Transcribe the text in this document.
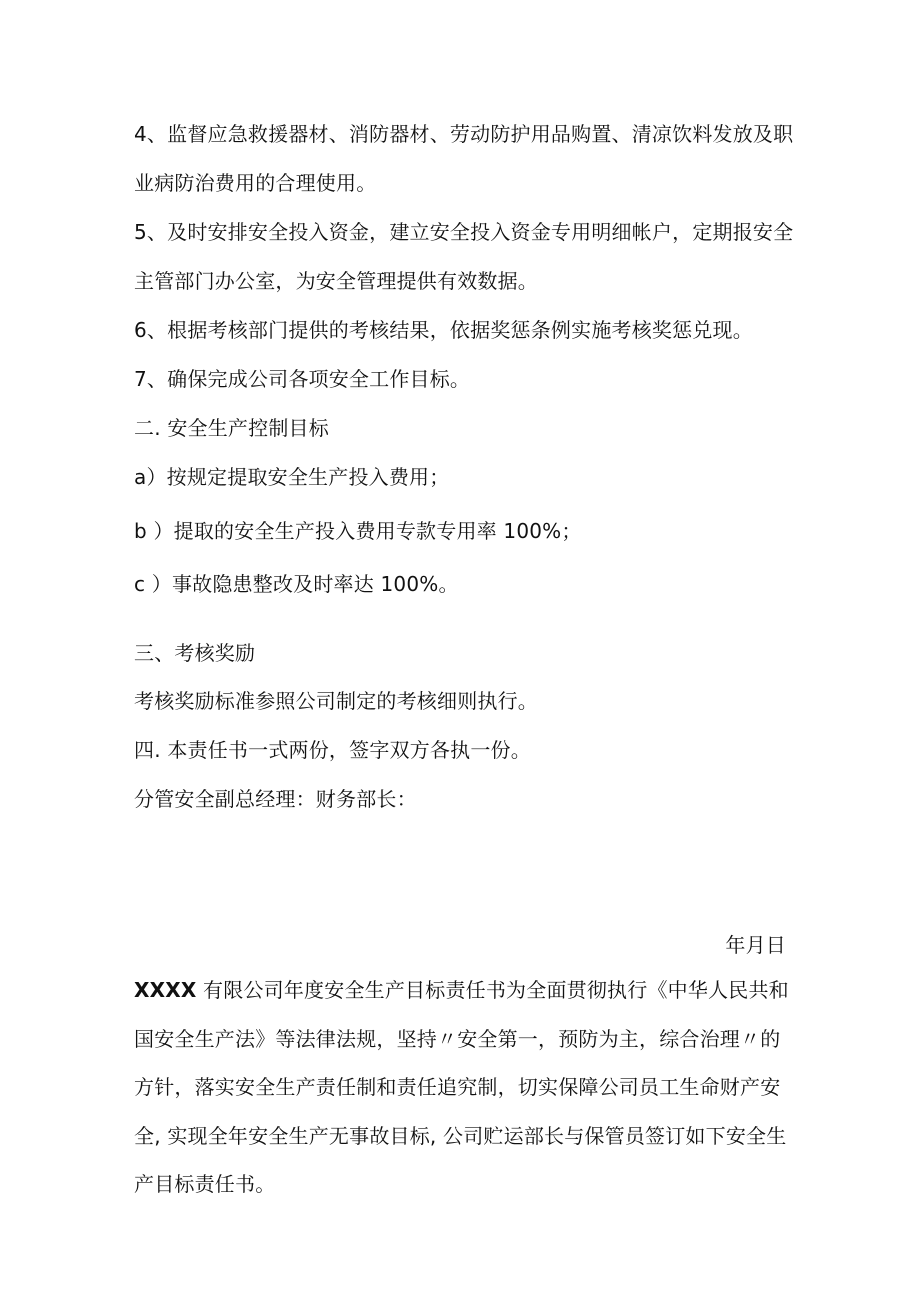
4、监督应急救援器材、消防器材、劳动防护用品购置、清凉饮料发放及职
业病防治费用的合理使用。
5、及时安排安全投入资金，建立安全投入资金专用明细帐户，定期报安全
主管部门办公室，为安全管理提供有效数据。
6、根据考核部门提供的考核结果，依据奖惩条例实施考核奖惩兑现。
7、确保完成公司各项安全工作目标。
二. 安全生产控制目标
a）按规定提取安全生产投入费用；
b ）提取的安全生产投入费用专款专用率 100%；
c ）事故隐患整改及时率达 100%。
三、考核奖励
考核奖励标准参照公司制定的考核细则执行。
四. 本责任书一式两份，签字双方各执一份。
分管安全副总经理：财务部长：
年月日
XXXX 有限公司年度安全生产目标责任书为全面贯彻执行《中华人民共和
国安全生产法》等法律法规，坚持〃安全第一，预防为主，综合治理〃的
方针，落实安全生产责任制和责任追究制，切实保障公司员工生命财产安
全, 实现全年安全生产无事故目标, 公司贮运部长与保管员签订如下安全生
产目标责任书。
